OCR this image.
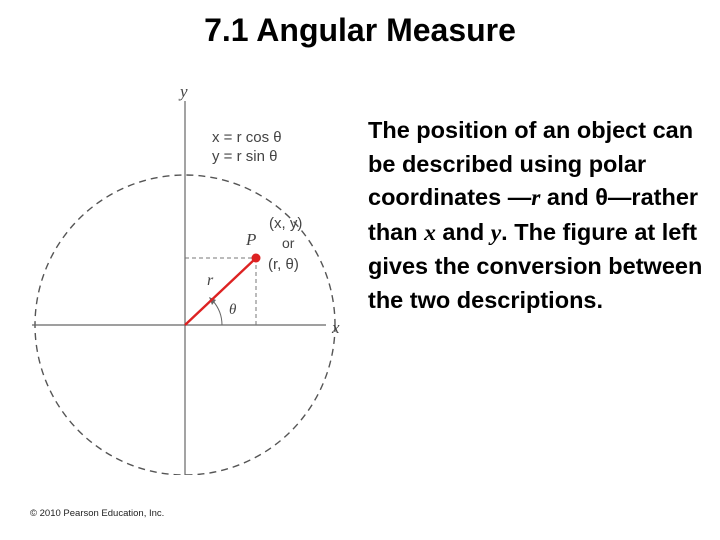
7.1 Angular Measure
y
x
x = r cos θ
y = r sin θ
P
(x, y)
or
(r, θ)
r
θ
The position of an object can be described using polar coordinates —r and θ—rather than x and y. The figure at left gives the conversion between the two descriptions.
© 2010 Pearson Education, Inc.
